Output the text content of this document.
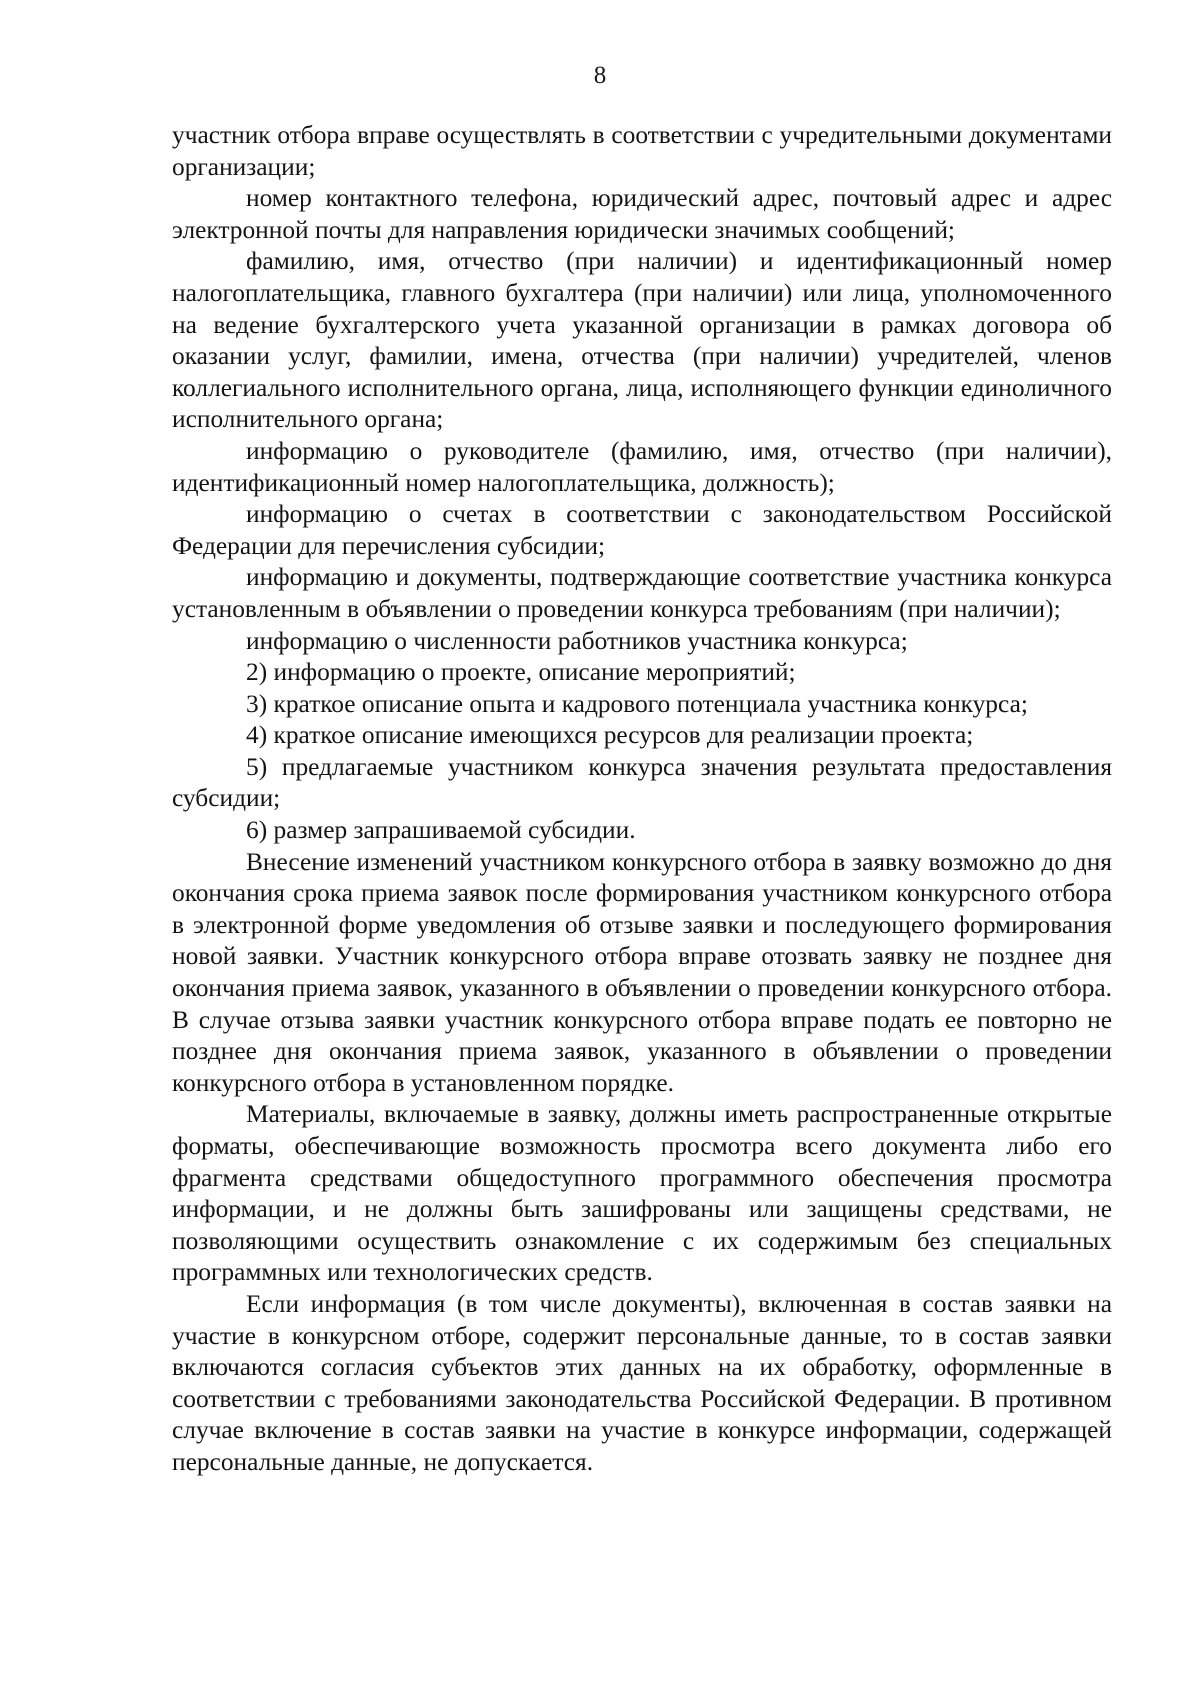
8

участник отбора вправе осуществлять в соответствии с учредительными документами организации;

номер контактного телефона, юридический адрес, почтовый адрес и адрес электронной почты для направления юридически значимых сообщений;

фамилию, имя, отчество (при наличии) и идентификационный номер налогоплательщика, главного бухгалтера (при наличии) или лица, уполномоченного на ведение бухгалтерского учета указанной организации в рамках договора об оказании услуг, фамилии, имена, отчества (при наличии) учредителей, членов коллегиального исполнительного органа, лица, исполняющего функции единоличного исполнительного органа;

информацию о руководителе (фамилию, имя, отчество (при наличии), идентификационный номер налогоплательщика, должность);

информацию о счетах в соответствии с законодательством Российской Федерации для перечисления субсидии;

информацию и документы, подтверждающие соответствие участника конкурса установленным в объявлении о проведении конкурса требованиям (при наличии);

информацию о численности работников участника конкурса;

2) информацию о проекте, описание мероприятий;

3) краткое описание опыта и кадрового потенциала участника конкурса;

4) краткое описание имеющихся ресурсов для реализации проекта;

5) предлагаемые участником конкурса значения результата предоставления субсидии;

6) размер запрашиваемой субсидии.

Внесение изменений участником конкурсного отбора в заявку возможно до дня окончания срока приема заявок после формирования участником конкурсного отбора в электронной форме уведомления об отзыве заявки и последующего формирования новой заявки. Участник конкурсного отбора вправе отозвать заявку не позднее дня окончания приема заявок, указанного в объявлении о проведении конкурсного отбора. В случае отзыва заявки участник конкурсного отбора вправе подать ее повторно не позднее дня окончания приема заявок, указанного в объявлении о проведении конкурсного отбора в установленном порядке.

Материалы, включаемые в заявку, должны иметь распространенные открытые форматы, обеспечивающие возможность просмотра всего документа либо его фрагмента средствами общедоступного программного обеспечения просмотра информации, и не должны быть зашифрованы или защищены средствами, не позволяющими осуществить ознакомление с их содержимым без специальных программных или технологических средств.

Если информация (в том числе документы), включенная в состав заявки на участие в конкурсном отборе, содержит персональные данные, то в состав заявки включаются согласия субъектов этих данных на их обработку, оформленные в соответствии с требованиями законодательства Российской Федерации. В противном случае включение в состав заявки на участие в конкурсе информации, содержащей персональные данные, не допускается.
